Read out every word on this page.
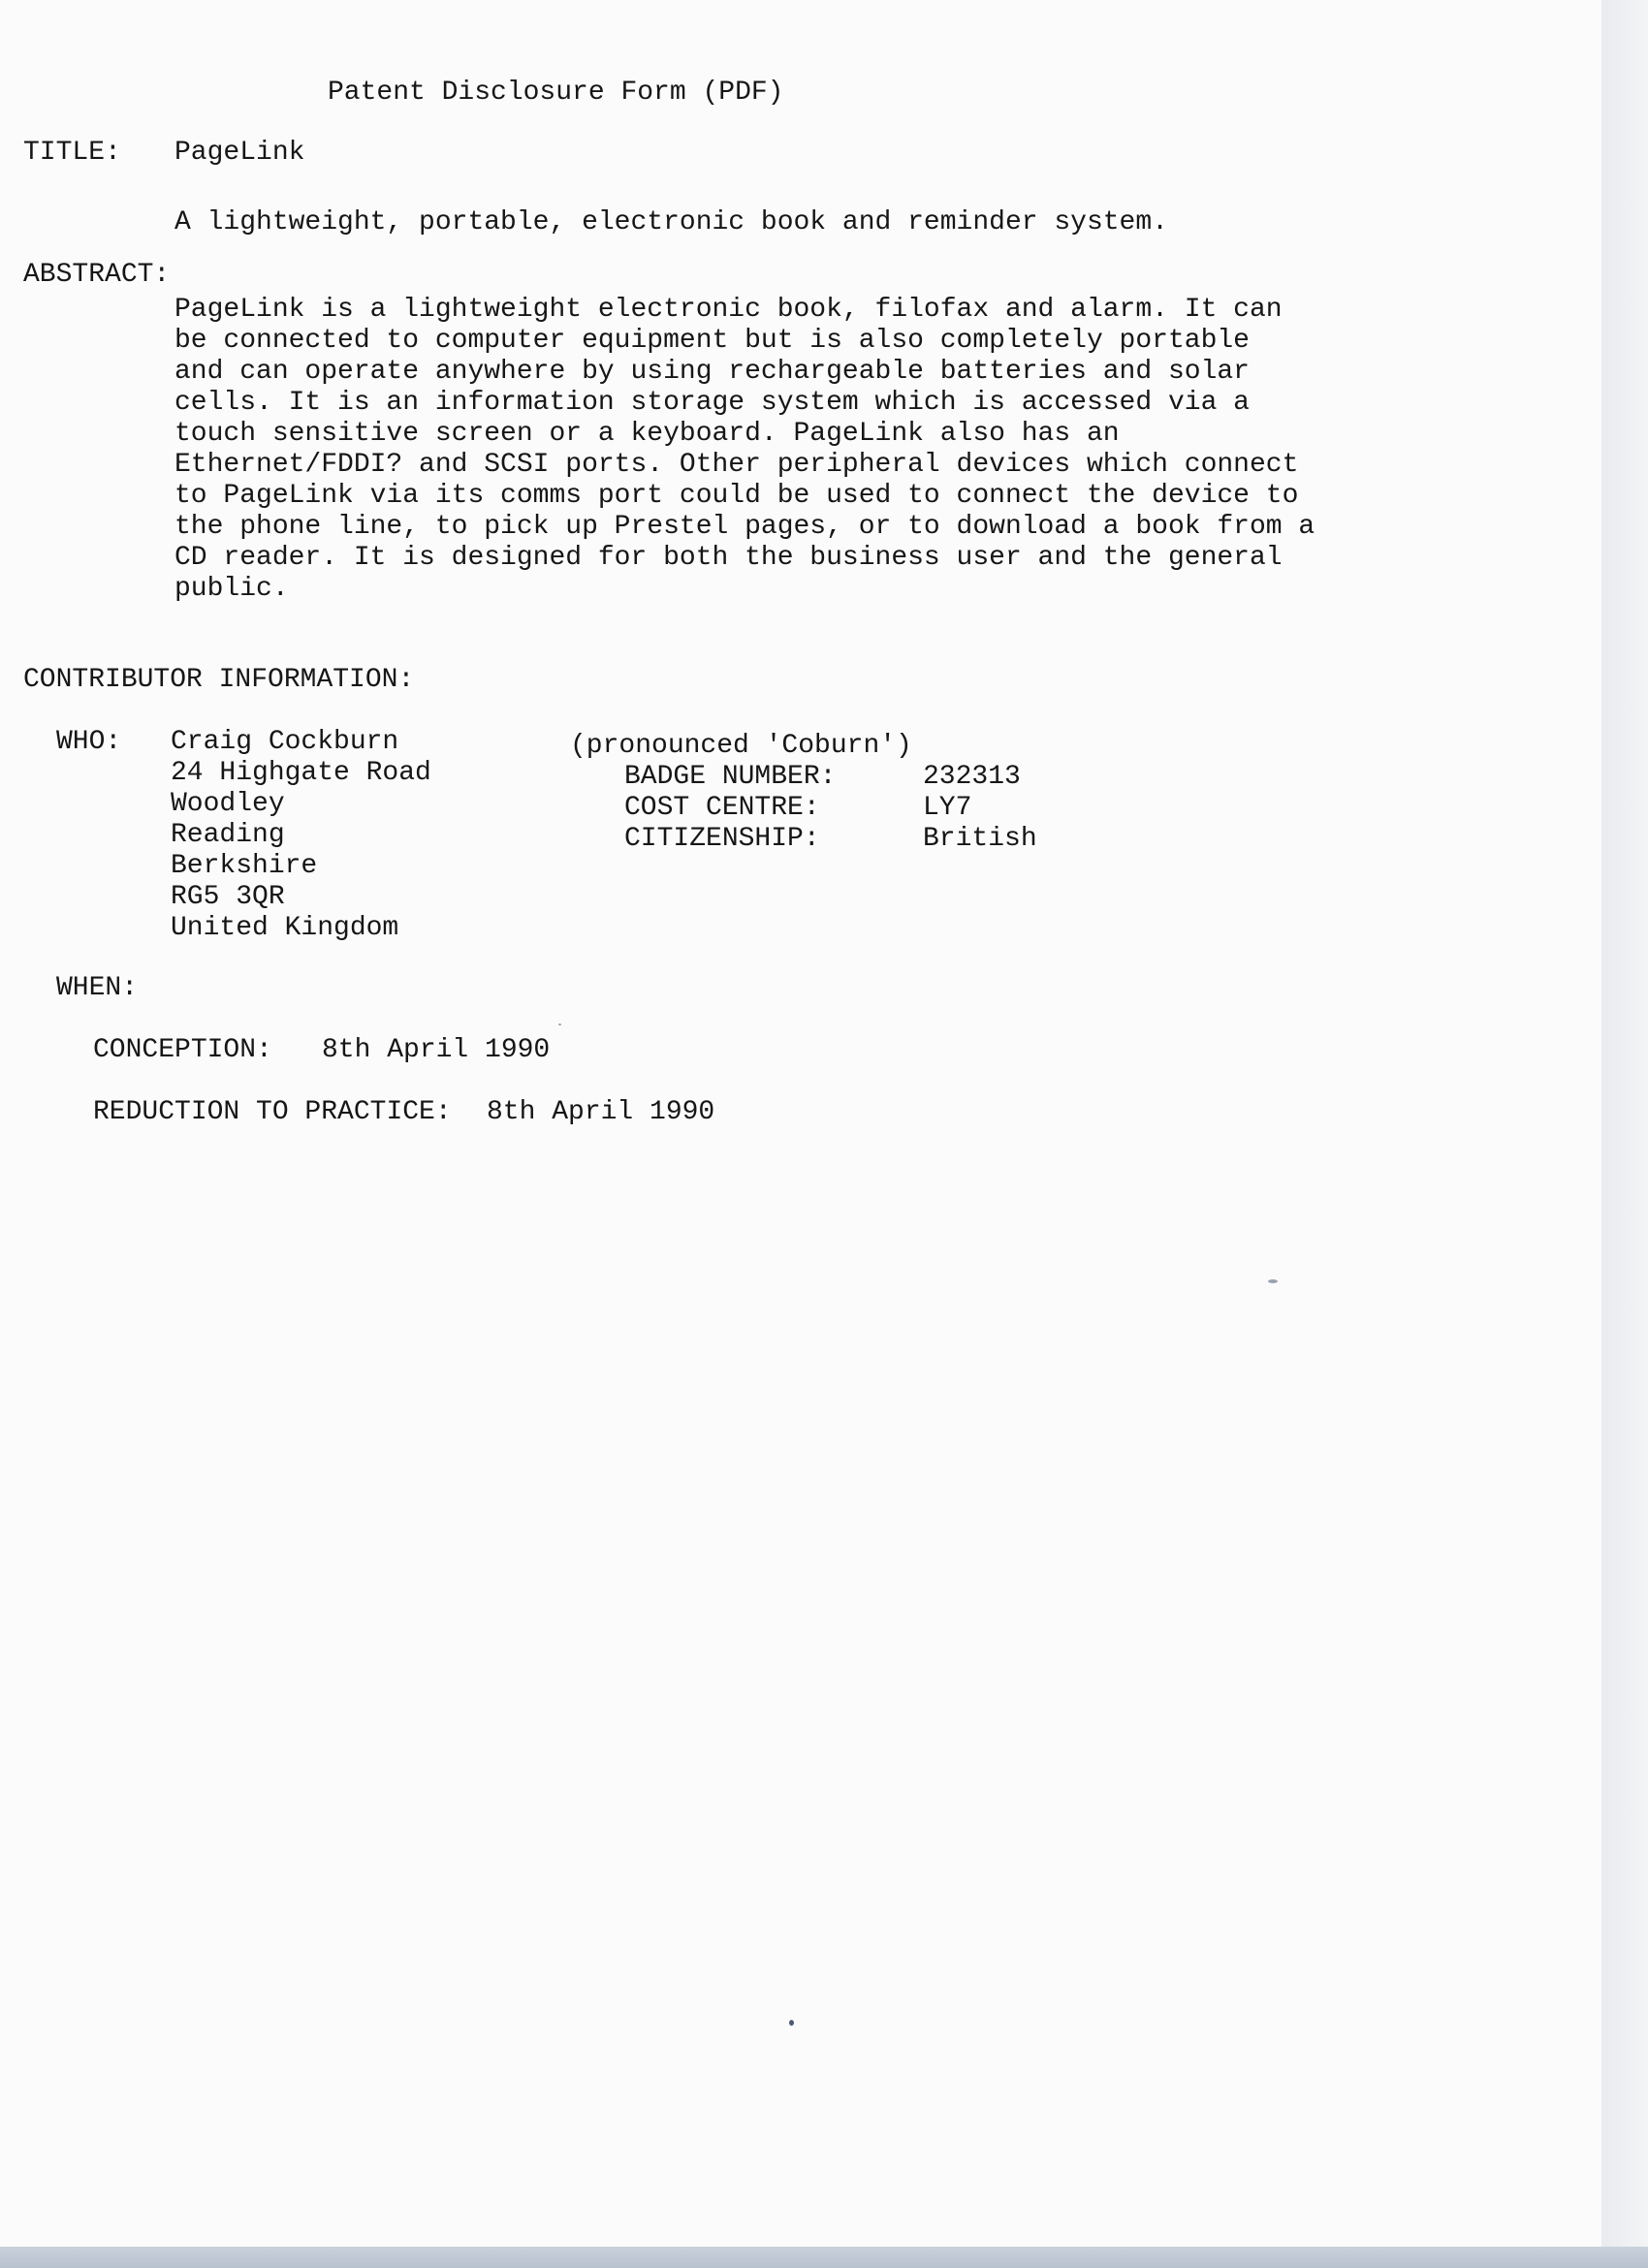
Patent Disclosure Form (PDF)

TITLE: PageLink

A lightweight, portable, electronic book and reminder system.

ABSTRACT:

PageLink is a lightweight electronic book, filofax and alarm. It can
be connected to computer equipment but is also completely portable
and can operate anywhere by using rechargeable batteries and solar
cells. It is an information storage system which is accessed via a
touch sensitive screen or a keyboard. PageLink also has an
Ethernet/FDDI? and SCSI ports. Other peripheral devices which connect
to PageLink via its comms port could be used to connect the device to
the phone line, to pick up Prestel pages, or to download a book from a
CD reader. It is designed for both the business user and the general
public.

CONTRIBUTOR INFORMATION:

WHO: Craig Cockburn

24 Highgate Road

Woodley

Reading

Berkshire

RG5 3QR

United Kingdom

(pronounced 'Coburn')

BADGE NUMBER:	232313

COST CENTRE:	LY7

CITIZENSHIP:	British

WHEN:

CONCEPTION: 8th April 1990

REDUCTION TO PRACTICE: 8th April 1990
